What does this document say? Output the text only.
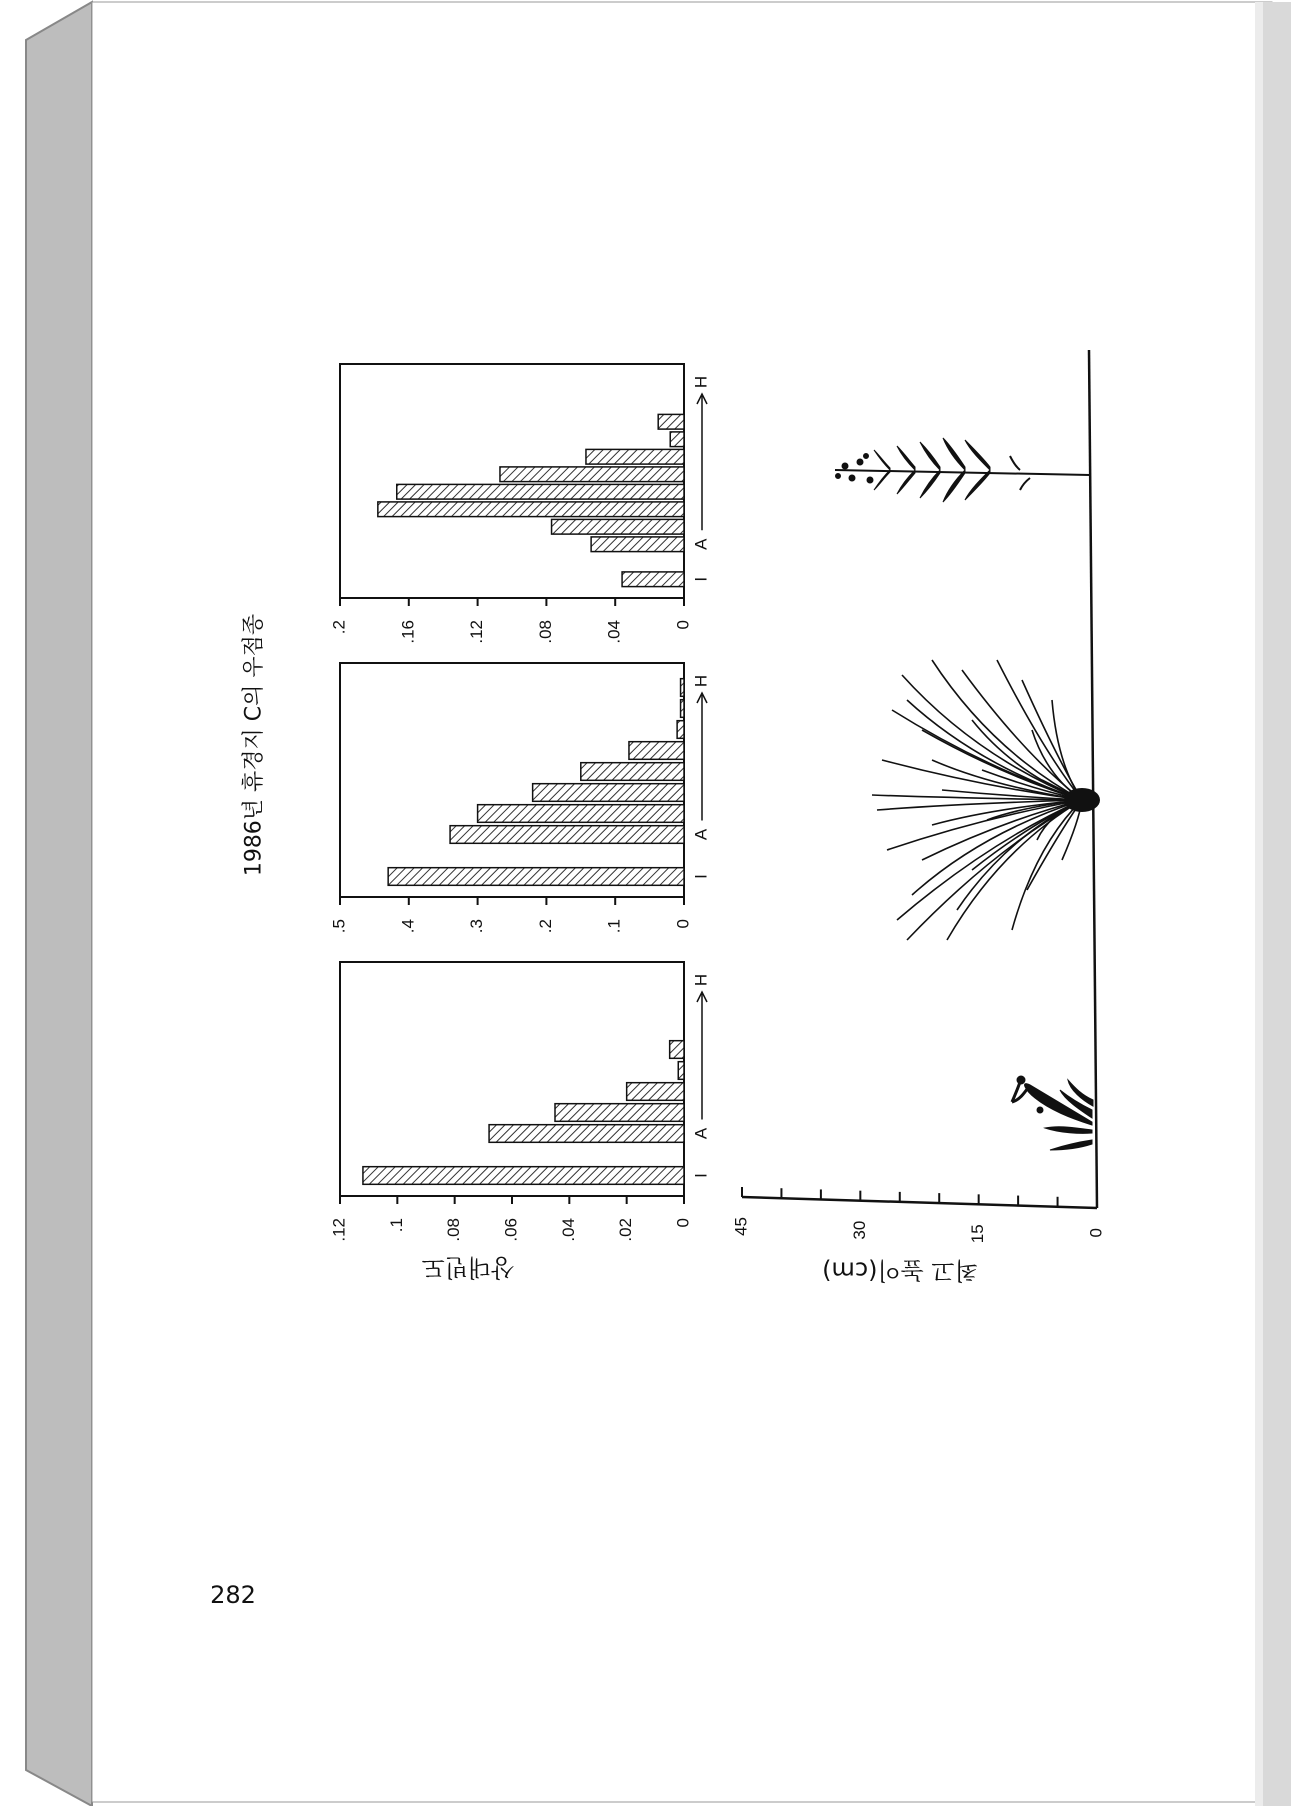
1986년 휴경지 C의 우점종
282
상대빈도	최고 높이(cm)
.12 .1 .08 .06 .04 .02 0
I
A
H
.5	.4	.3	.2	.1	0
I
A
H
.2	.16	.12	.08	.04	0
I
A
H
45	30	15	0
